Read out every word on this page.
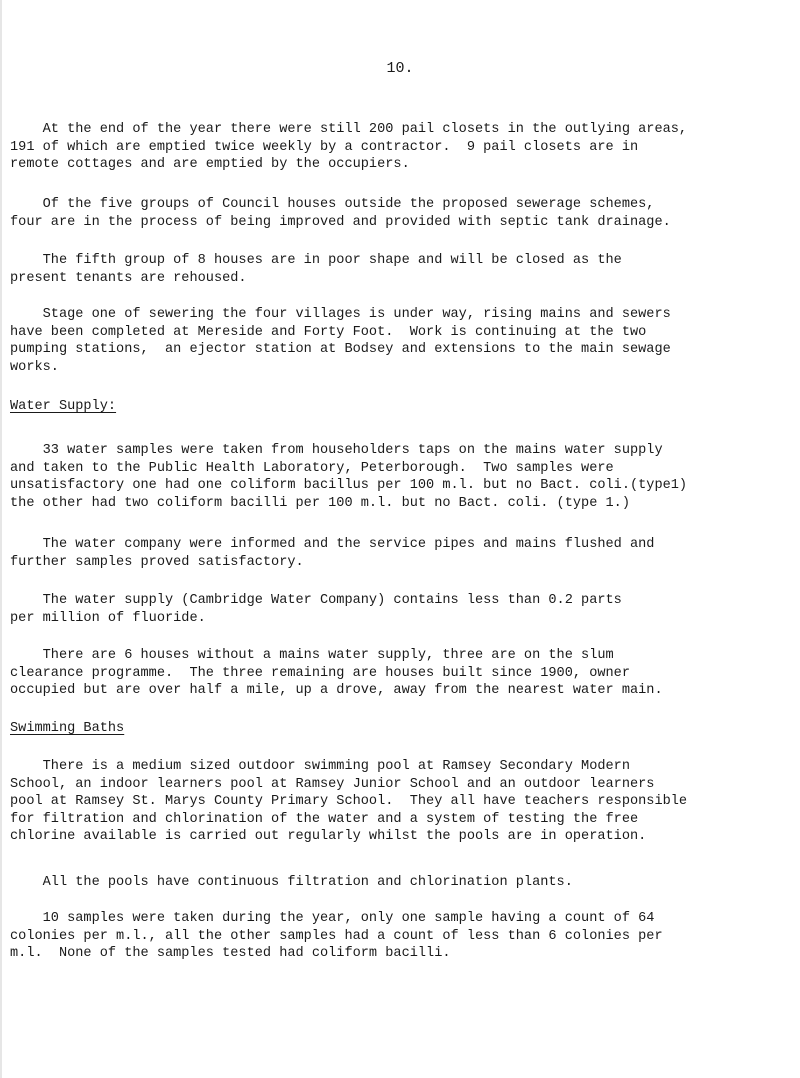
10.

At the end of the year there were still 200 pail closets in the outlying areas,
191 of which are emptied twice weekly by a contractor.  9 pail closets are in
remote cottages and are emptied by the occupiers.

Of the five groups of Council houses outside the proposed sewerage schemes,
four are in the process of being improved and provided with septic tank drainage.

The fifth group of 8 houses are in poor shape and will be closed as the
present tenants are rehoused.

Stage one of sewering the four villages is under way, rising mains and sewers
have been completed at Mereside and Forty Foot.  Work is continuing at the two
pumping stations,  an ejector station at Bodsey and extensions to the main sewage
works.

Water Supply:

33 water samples were taken from householders taps on the mains water supply
and taken to the Public Health Laboratory, Peterborough.  Two samples were
unsatisfactory one had one coliform bacillus per 100 m.l. but no Bact. coli.(type1)
the other had two coliform bacilli per 100 m.l. but no Bact. coli. (type 1.)

The water company were informed and the service pipes and mains flushed and
further samples proved satisfactory.

The water supply (Cambridge Water Company) contains less than 0.2 parts
per million of fluoride.

There are 6 houses without a mains water supply, three are on the slum
clearance programme.  The three remaining are houses built since 1900, owner
occupied but are over half a mile, up a drove, away from the nearest water main.

Swimming Baths

There is a medium sized outdoor swimming pool at Ramsey Secondary Modern
School, an indoor learners pool at Ramsey Junior School and an outdoor learners
pool at Ramsey St. Marys County Primary School.  They all have teachers responsible
for filtration and chlorination of the water and a system of testing the free
chlorine available is carried out regularly whilst the pools are in operation.

All the pools have continuous filtration and chlorination plants.

10 samples were taken during the year, only one sample having a count of 64
colonies per m.l., all the other samples had a count of less than 6 colonies per
m.l.  None of the samples tested had coliform bacilli.
